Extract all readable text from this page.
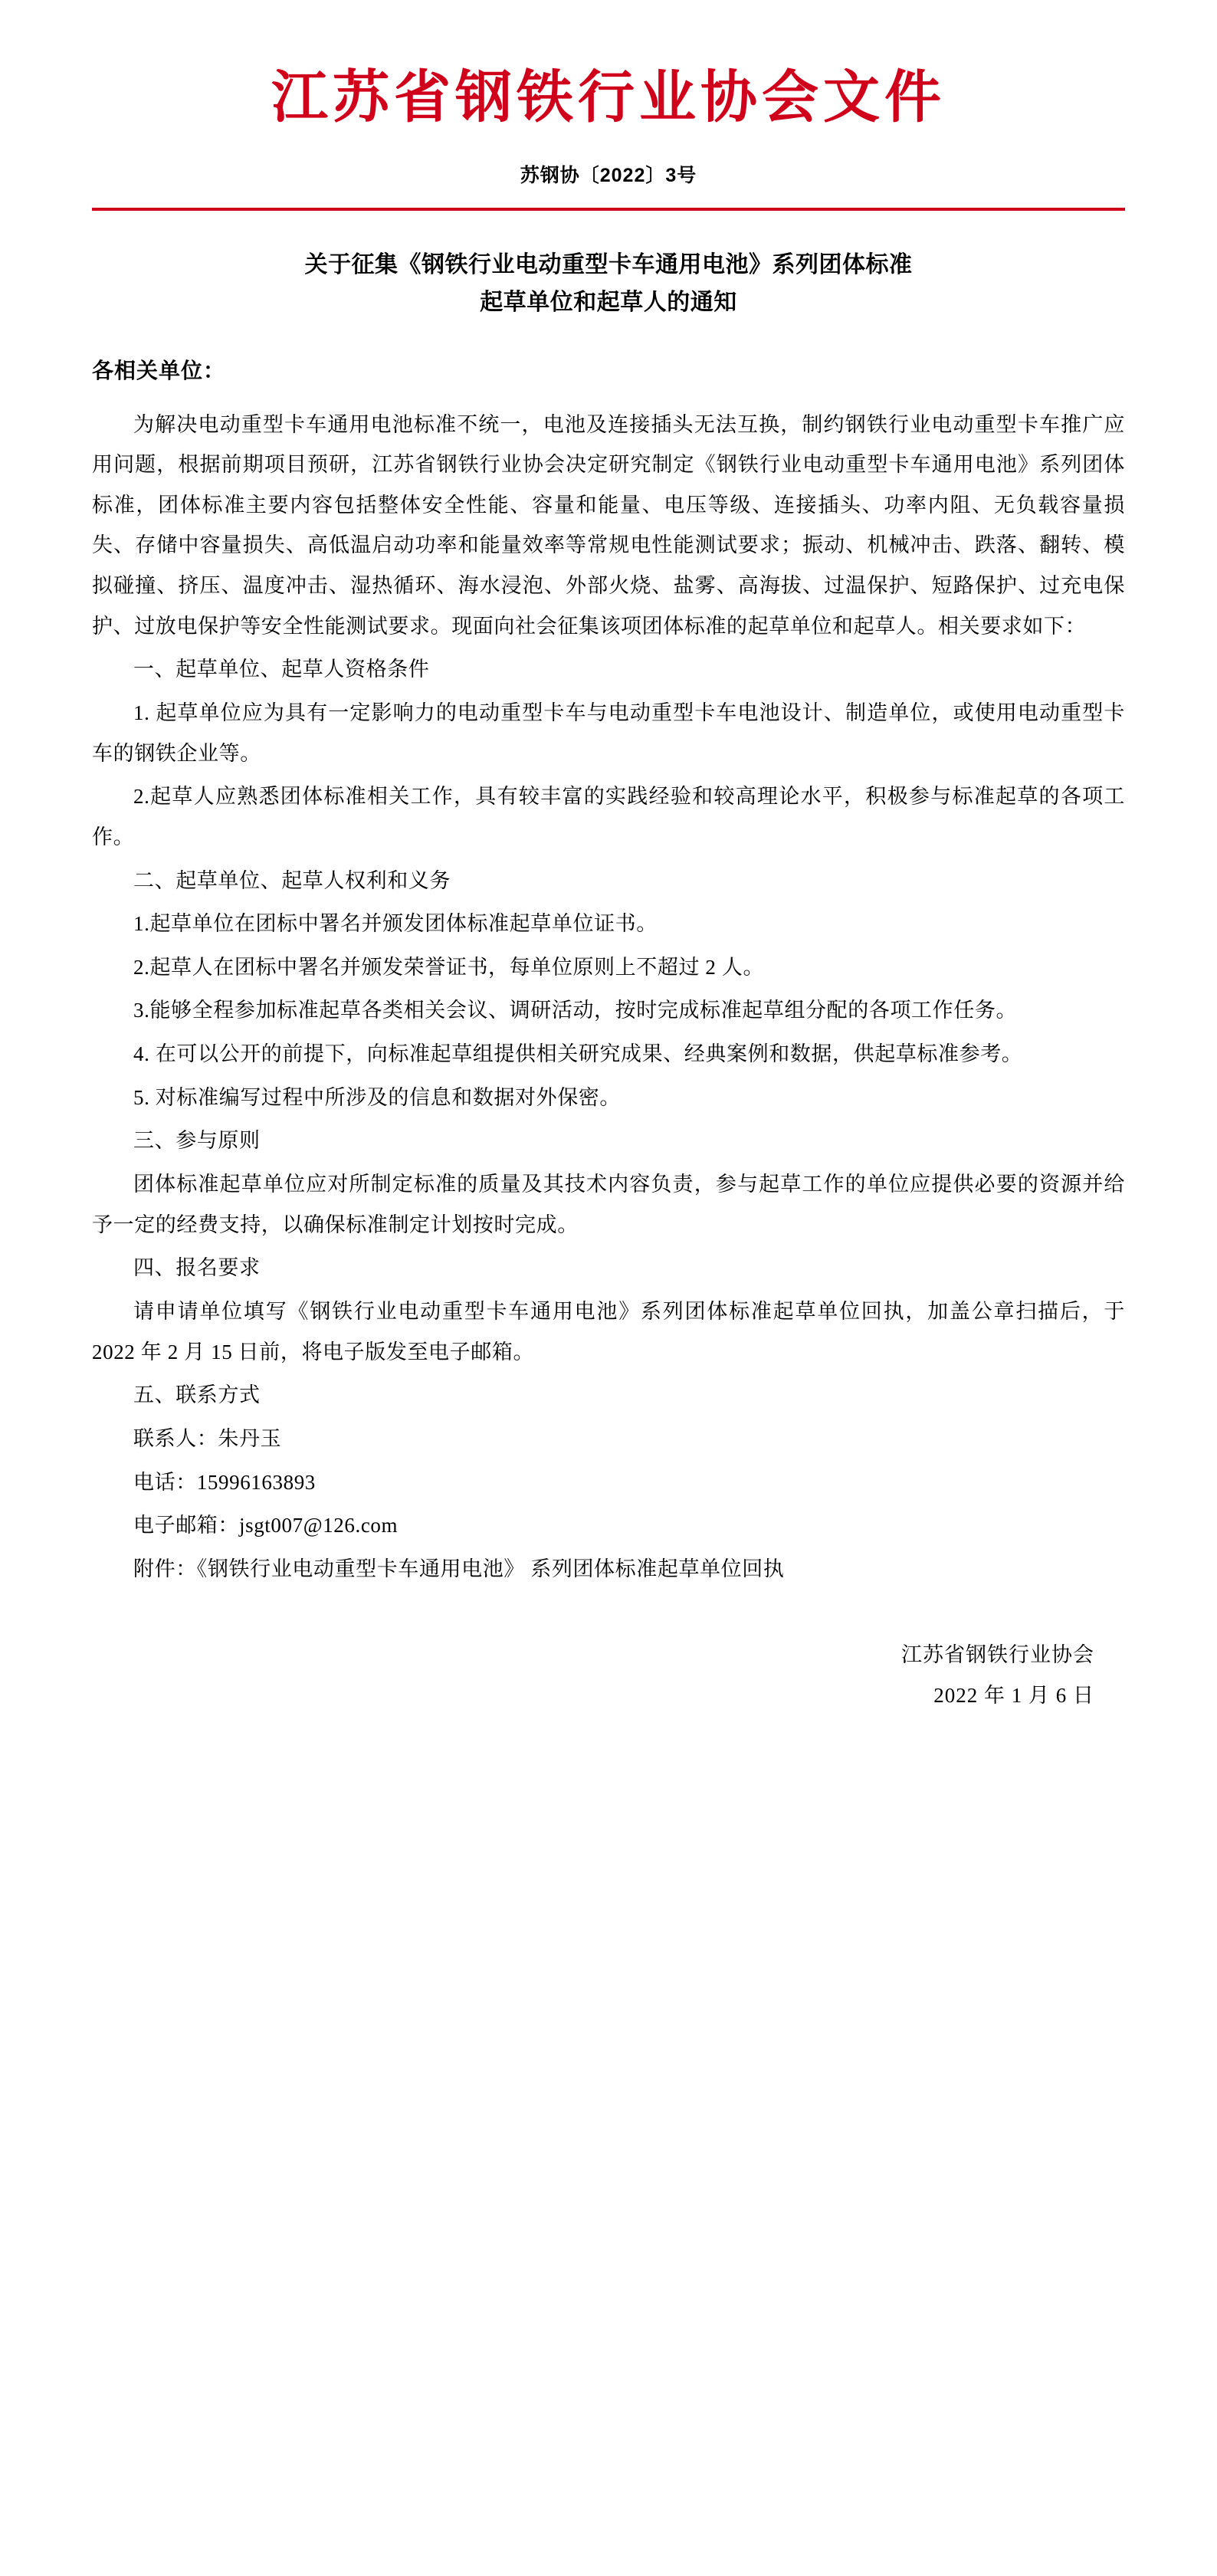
江苏省钢铁行业协会文件
苏钢协〔2022〕3号
关于征集《钢铁行业电动重型卡车通用电池》系列团体标准
起草单位和起草人的通知
各相关单位：

为解决电动重型卡车通用电池标准不统一，电池及连接插头无法互换，制约钢铁行业电动重型卡车推广应用问题，根据前期项目预研，江苏省钢铁行业协会决定研究制定《钢铁行业电动重型卡车通用电池》系列团体标准，团体标准主要内容包括整体安全性能、容量和能量、电压等级、连接插头、功率内阻、无负载容量损失、存储中容量损失、高低温启动功率和能量效率等常规电性能测试要求；振动、机械冲击、跌落、翻转、模拟碰撞、挤压、温度冲击、湿热循环、海水浸泡、外部火烧、盐雾、高海拔、过温保护、短路保护、过充电保护、过放电保护等安全性能测试要求。现面向社会征集该项团体标准的起草单位和起草人。相关要求如下：

一、起草单位、起草人资格条件

1. 起草单位应为具有一定影响力的电动重型卡车与电动重型卡车电池设计、制造单位，或使用电动重型卡车的钢铁企业等。

2.起草人应熟悉团体标准相关工作，具有较丰富的实践经验和较高理论水平，积极参与标准起草的各项工作。

二、起草单位、起草人权利和义务

1.起草单位在团标中署名并颁发团体标准起草单位证书。

2.起草人在团标中署名并颁发荣誉证书，每单位原则上不超过 2 人。

3.能够全程参加标准起草各类相关会议、调研活动，按时完成标准起草组分配的各项工作任务。

4. 在可以公开的前提下，向标准起草组提供相关研究成果、经典案例和数据，供起草标准参考。

5. 对标准编写过程中所涉及的信息和数据对外保密。

三、参与原则

团体标准起草单位应对所制定标准的质量及其技术内容负责，参与起草工作的单位应提供必要的资源并给予一定的经费支持，以确保标准制定计划按时完成。

四、报名要求

请申请单位填写《钢铁行业电动重型卡车通用电池》系列团体标准起草单位回执，加盖公章扫描后，于 2022 年 2 月 15 日前，将电子版发至电子邮箱。

五、联系方式

联系人：朱丹玉

电话：15996163893

电子邮箱：jsgt007@126.com

附件：《钢铁行业电动重型卡车通用电池》 系列团体标准起草单位回执

江苏省钢铁行业协会
2022 年 1 月 6 日
